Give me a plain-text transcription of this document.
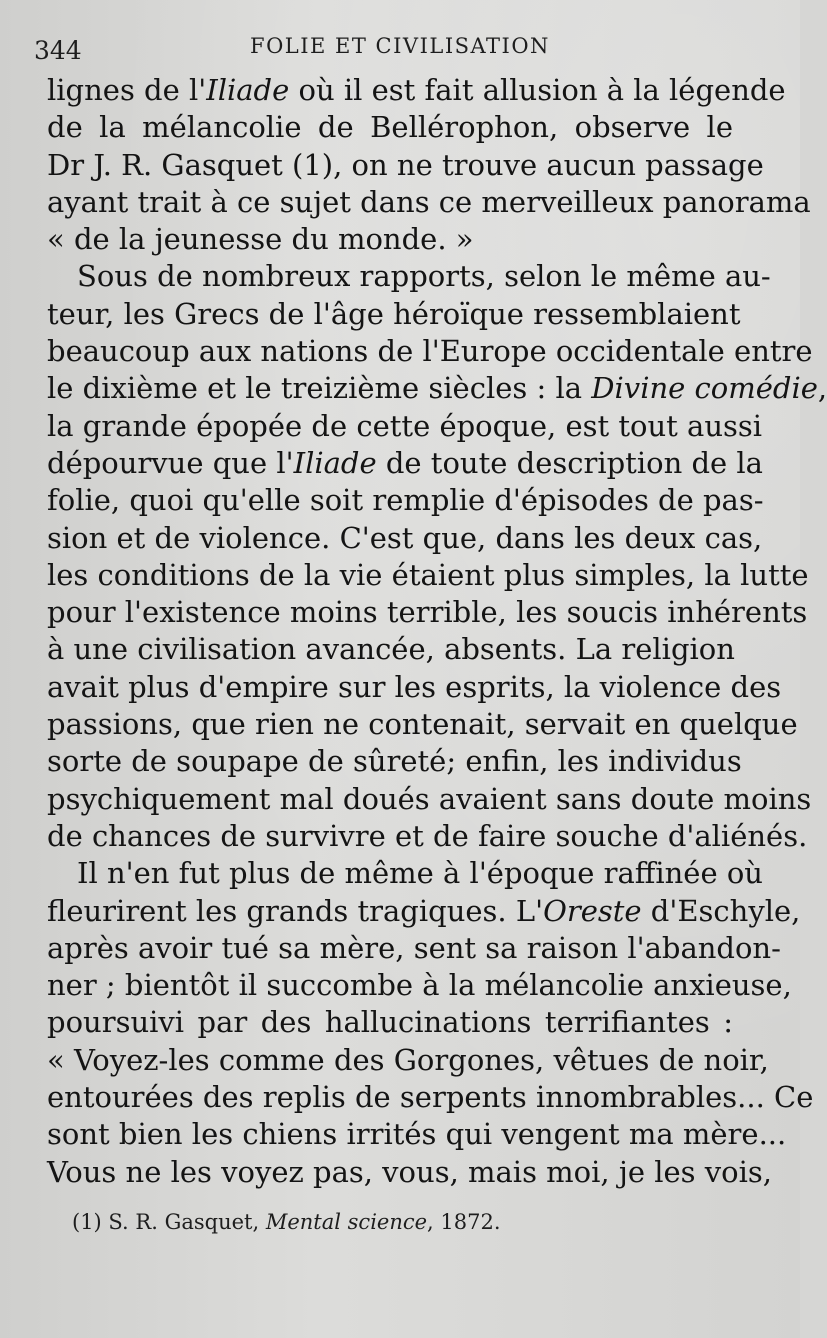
344	FOLIE ET CIVILISATION
lignes de l'Iliade où il est fait allusion à la légende
de la mélancolie de Bellérophon, observe le
Dr J. R. Gasquet (1), on ne trouve aucun passage
ayant trait à ce sujet dans ce merveilleux panorama
« de la jeunesse du monde. »
Sous de nombreux rapports, selon le même au-
teur, les Grecs de l'âge héroïque ressemblaient
beaucoup aux nations de l'Europe occidentale entre
le dixième et le treizième siècles : la Divine comédie,
la grande épopée de cette époque, est tout aussi
dépourvue que l'Iliade de toute description de la
folie, quoi qu'elle soit remplie d'épisodes de pas-
sion et de violence. C'est que, dans les deux cas,
les conditions de la vie étaient plus simples, la lutte
pour l'existence moins terrible, les soucis inhérents
à une civilisation avancée, absents. La religion
avait plus d'empire sur les esprits, la violence des
passions, que rien ne contenait, servait en quelque
sorte de soupape de sûreté; enfin, les individus
psychiquement mal doués avaient sans doute moins
de chances de survivre et de faire souche d'aliénés.
Il n'en fut plus de même à l'époque raffinée où
fleurirent les grands tragiques. L'Oreste d'Eschyle,
après avoir tué sa mère, sent sa raison l'abandon-
ner ; bientôt il succombe à la mélancolie anxieuse,
poursuivi par des hallucinations terrifiantes :
« Voyez-les comme des Gorgones, vêtues de noir,
entourées des replis de serpents innombrables... Ce
sont bien les chiens irrités qui vengent ma mère...
Vous ne les voyez pas, vous, mais moi, je les vois,
(1) S. R. Gasquet, Mental science, 1872.
